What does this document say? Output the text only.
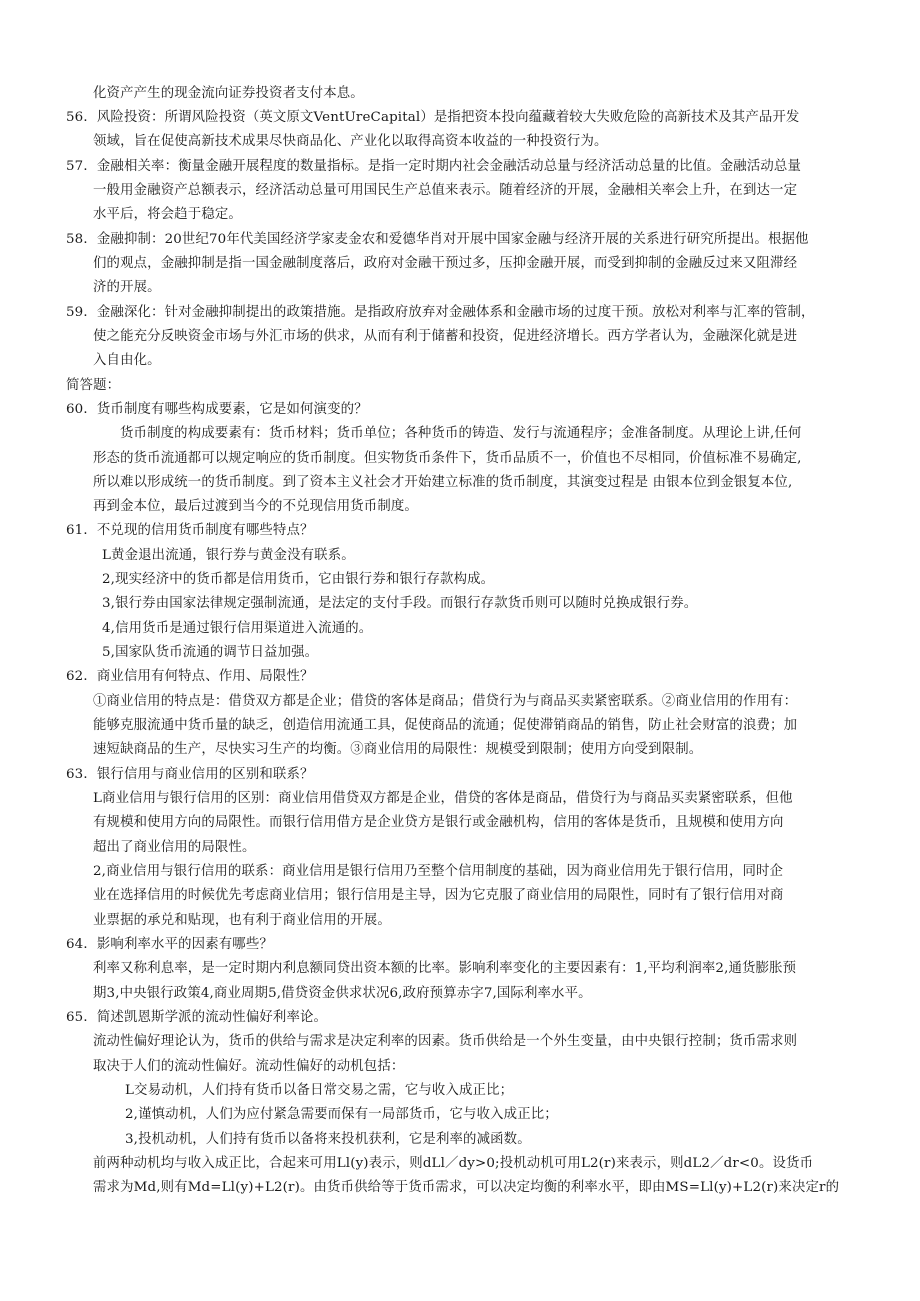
化资产产生的现金流向证券投资者支付本息。
56．风险投资：所谓风险投资（英文原文VentUreCapital）是指把资本投向蕴藏着较大失败危险的高新技术及其产品开发
领域，旨在促使高新技术成果尽快商品化、产业化以取得高资本收益的一种投资行为。
57．金融相关率：衡量金融开展程度的数量指标。是指一定时期内社会金融活动总量与经济活动总量的比值。金融活动总量
一般用金融资产总额表示，经济活动总量可用国民生产总值来表示。随着经济的开展，金融相关率会上升，在到达一定
水平后，将会趋于稳定。
58．金融抑制：20世纪70年代美国经济学家麦金农和爱德华肖对开展中国家金融与经济开展的关系进行研究所提出。根据他
们的观点，金融抑制是指一国金融制度落后，政府对金融干预过多，压抑金融开展，而受到抑制的金融反过来又阻滞经
济的开展。
59．金融深化：针对金融抑制提出的政策措施。是指政府放弃对金融体系和金融市场的过度干预。放松对利率与汇率的管制，
使之能充分反映资金市场与外汇市场的供求，从而有利于储蓄和投资，促进经济增长。西方学者认为，金融深化就是进
入自由化。
简答题：
60．货币制度有哪些构成要素，它是如何演变的？
货币制度的构成要素有：货币材料；货币单位；各种货币的铸造、发行与流通程序；金准备制度。从理论上讲,任何
形态的货币流通都可以规定响应的货币制度。但实物货币条件下，货币品质不一，价值也不尽相同，价值标准不易确定,
所以难以形成统一的货币制度。到了资本主义社会才开始建立标准的货币制度，其演变过程是 由银本位到金银复本位,
再到金本位，最后过渡到当今的不兑现信用货币制度。
61．不兑现的信用货币制度有哪些特点？
L黄金退出流通，银行券与黄金没有联系。
2,现实经济中的货币都是信用货币，它由银行券和银行存款构成。
3,银行券由国家法律规定强制流通，是法定的支付手段。而银行存款货币则可以随时兑换成银行券。
4,信用货币是通过银行信用渠道进入流通的。
5,国家队货币流通的调节日益加强。
62．商业信用有何特点、作用、局限性？
①商业信用的特点是：借贷双方都是企业；借贷的客体是商品；借贷行为与商品买卖紧密联系。②商业信用的作用有：
能够克服流通中货币量的缺乏，创造信用流通工具，促使商品的流通；促使滞销商品的销售，防止社会财富的浪费；加
速短缺商品的生产，尽快实习生产的均衡。③商业信用的局限性：规模受到限制；使用方向受到限制。
63．银行信用与商业信用的区别和联系？
L商业信用与银行信用的区别：商业信用借贷双方都是企业，借贷的客体是商品，借贷行为与商品买卖紧密联系，但他
有规模和使用方向的局限性。而银行信用借方是企业贷方是银行或金融机构，信用的客体是货币，且规模和使用方向
超出了商业信用的局限性。
2,商业信用与银行信用的联系：商业信用是银行信用乃至整个信用制度的基础，因为商业信用先于银行信用，同时企
业在选择信用的时候优先考虑商业信用；银行信用是主导，因为它克服了商业信用的局限性，同时有了银行信用对商
业票据的承兑和贴现，也有利于商业信用的开展。
64．影响利率水平的因素有哪些？
利率又称利息率，是一定时期内利息额同贷出资本额的比率。影响利率变化的主要因素有：1,平均利润率2,通货膨胀预
期3,中央银行政策4,商业周期5,借贷资金供求状况6,政府预算赤字7,国际利率水平。
65．简述凯恩斯学派的流动性偏好利率论。
流动性偏好理论认为，货币的供给与需求是决定利率的因素。货币供给是一个外生变量，由中央银行控制；货币需求则
取决于人们的流动性偏好。流动性偏好的动机包括：
L交易动机，人们持有货币以备日常交易之需，它与收入成正比；
2,谨慎动机，人们为应付紧急需要而保有一局部货币，它与收入成正比；
3,投机动机，人们持有货币以备将来投机获利，它是利率的减函数。
前两种动机均与收入成正比，合起来可用Ll(y)表示，则dLl／dy>0;投机动机可用L2(r)来表示，则dL2／dr<0。设货币
需求为Md,则有Md=Ll(y)+L2(r)。由货币供给等于货币需求，可以决定均衡的利率水平，即由MS=Ll(y)+L2(r)来决定r的
